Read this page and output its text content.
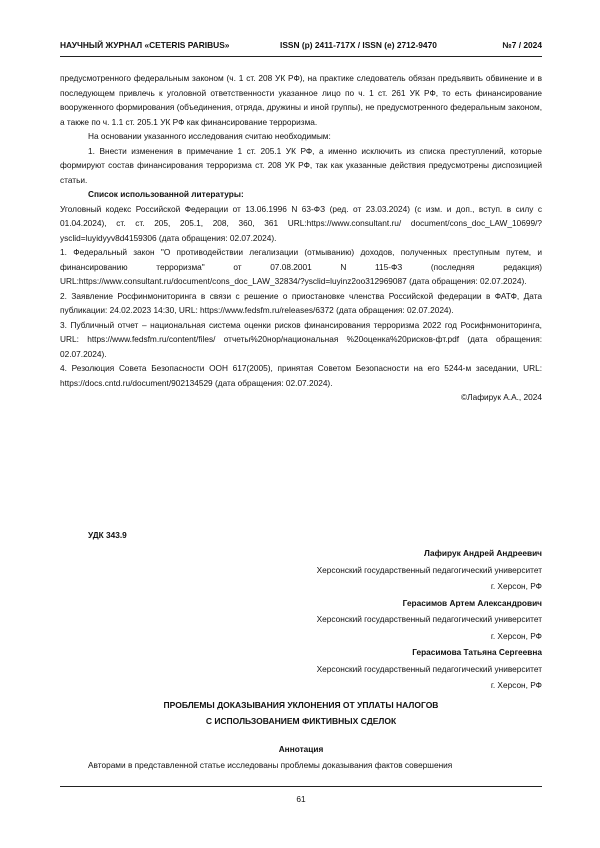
НАУЧНЫЙ ЖУРНАЛ «CETERIS PARIBUS»	ISSN (p) 2411-717X / ISSN (e) 2712-9470	№7 / 2024

предусмотренного федеральным законом (ч. 1 ст. 208 УК РФ), на практике следователь обязан предъявить обвинение и в последующем привлечь к уголовной ответственности указанное лицо по ч. 1 ст. 261 УК РФ, то есть финансирование вооруженного формирования (объединения, отряда, дружины и иной группы), не предусмотренного федеральным законом, а также по ч. 1.1 ст. 205.1 УК РФ как финансирование терроризма.

На основании указанного исследования считаю необходимым:

1. Внести изменения в примечание 1 ст. 205.1 УК РФ, а именно исключить из списка преступлений, которые формируют состав финансирования терроризма ст. 208 УК РФ, так как указанные действия предусмотрены диспозицией статьи.

Список использованной литературы:

Уголовный кодекс Российской Федерации от 13.06.1996 N 63-ФЗ (ред. от 23.03.2024) (с изм. и доп., вступ. в силу с 01.04.2024), ст. ст. 205, 205.1, 208, 360, 361 URL:https://www.consultant.ru/ document/cons_doc_LAW_10699/?ysclid=luyidyyv8d4159306 (дата обращения: 02.07.2024).

1. Федеральный закон "О противодействии легализации (отмыванию) доходов, полученных преступным путем, и финансированию терроризма" от 07.08.2001 N 115-ФЗ (последняя редакция) URL:https://www.consultant.ru/document/cons_doc_LAW_32834/?ysclid=luyinz2oo312969087 (дата обращения: 02.07.2024).

2. Заявление Росфинмониторинга в связи с решение о приостановке членства Российской федерации в ФАТФ, Дата публикации: 24.02.2023 14:30, URL: https://www.fedsfm.ru/releases/6372 (дата обращения: 02.07.2024).

3. Публичный отчет – национальная система оценки рисков финансирования терроризма 2022 год Росифнмониторинга, URL: https://www.fedsfm.ru/content/files/ отчеты%20нор/национальная %20оценка%20рисков-фт.pdf (дата обращения: 02.07.2024).

4. Резолюция Совета Безопасности ООН 617(2005), принятая Советом Безопасности на его 5244-м заседании, URL: https://docs.cntd.ru/document/902134529 (дата обращения: 02.07.2024).

©Лафирук А.А., 2024

УДК 343.9
Лафирук Андрей Андреевич
Херсонский государственный педагогический университет
г. Херсон, РФ
Герасимов Артем Александрович
Херсонский государственный педагогический университет
г. Херсон, РФ
Герасимова Татьяна Сергеевна
Херсонский государственный педагогический университет
г. Херсон, РФ
ПРОБЛЕМЫ ДОКАЗЫВАНИЯ УКЛОНЕНИЯ ОТ УПЛАТЫ НАЛОГОВ
С ИСПОЛЬЗОВАНИЕМ ФИКТИВНЫХ СДЕЛОК
Аннотация
Авторами в представленной статье исследованы проблемы доказывания фактов совершения
61
